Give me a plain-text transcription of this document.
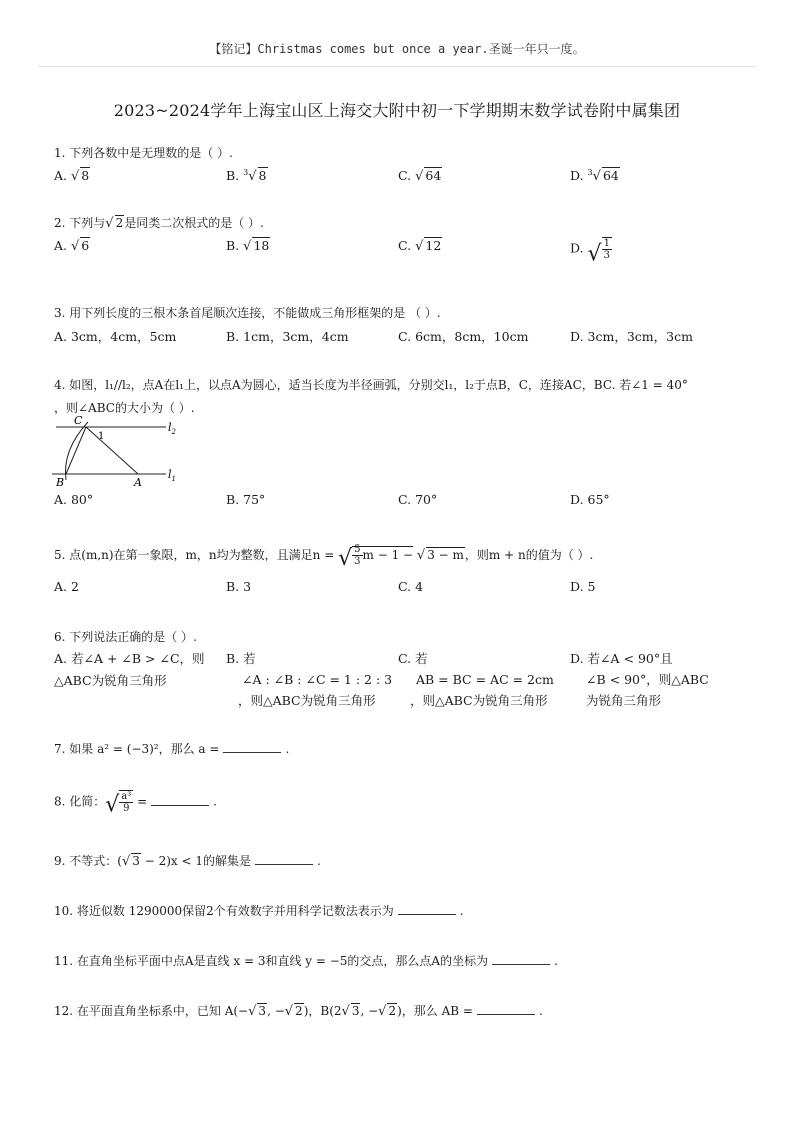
【铭记】Christmas comes but once a year.圣诞一年只一度。
2023~2024学年上海宝山区上海交大附中初一下学期期末数学试卷附中属集团
1. 下列各数中是无理数的是（ ）.
A. √ 8	B. $^3$√ 8	C. √ 64	D. $^3$√ 64
2. 下列与√ 2是同类二次根式的是（ ）.
A. √ 6	B. √ 18	C. √ 12	D. √ $\frac{1}{3}$
3. 用下列长度的三根木条首尾顺次连接，不能做成三角形框架的是 （ ）.
A. 3cm，4cm，5cm	B. 1cm，3cm，4cm	C. 6cm，8cm，10cm	D. 3cm，3cm，3cm
4. 如图，l₁//l₂，点A在l₁上，以点A为圆心，适当长度为半径画弧，分别交l₁，l₂于点B，C，连接AC，BC. 若∠1 = 40°
，则∠ABC的大小为（ ）.
C
1
$l_2$
$l_1$
B	A
A. 80°	B. 75°	C. 70°	D. 65°
5. 点(m,n)在第一象限，m，n均为整数，且满足n = √ $\frac{5}{3}$ m − 1 − √ 3 − m，则m + n的值为（ ）.
A. 2	B. 3	C. 4	D. 5
6. 下列说法正确的是（ ）.
A. 若∠A + ∠B > ∠C，则
△ABC为锐角三角形
B. 若
∠A : ∠B : ∠C = 1 : 2 : 3
，则△ABC为锐角三角形
C. 若
AB = BC = AC = 2cm
，则△ABC为锐角三角形
D. 若∠A < 90°且
∠B < 90°，则△ABC
为锐角三角形
7. 如果 a² = (−3)²，那么 a =	.
8. 化简：√ $\frac{\text{a³}}{9}$ =	.
9. 不等式：(√ 3 − 2)x < 1的解集是	.
10. 将近似数 1290000保留2个有效数字并用科学记数法表示为	.
11. 在直角坐标平面中点A是直线 x = 3和直线 y = −5的交点，那么点A的坐标为	.
12. 在平面直角坐标系中，已知 A(−√ 3, −√ 2)，B(2√ 3, −√ 2)，那么 AB =	.
